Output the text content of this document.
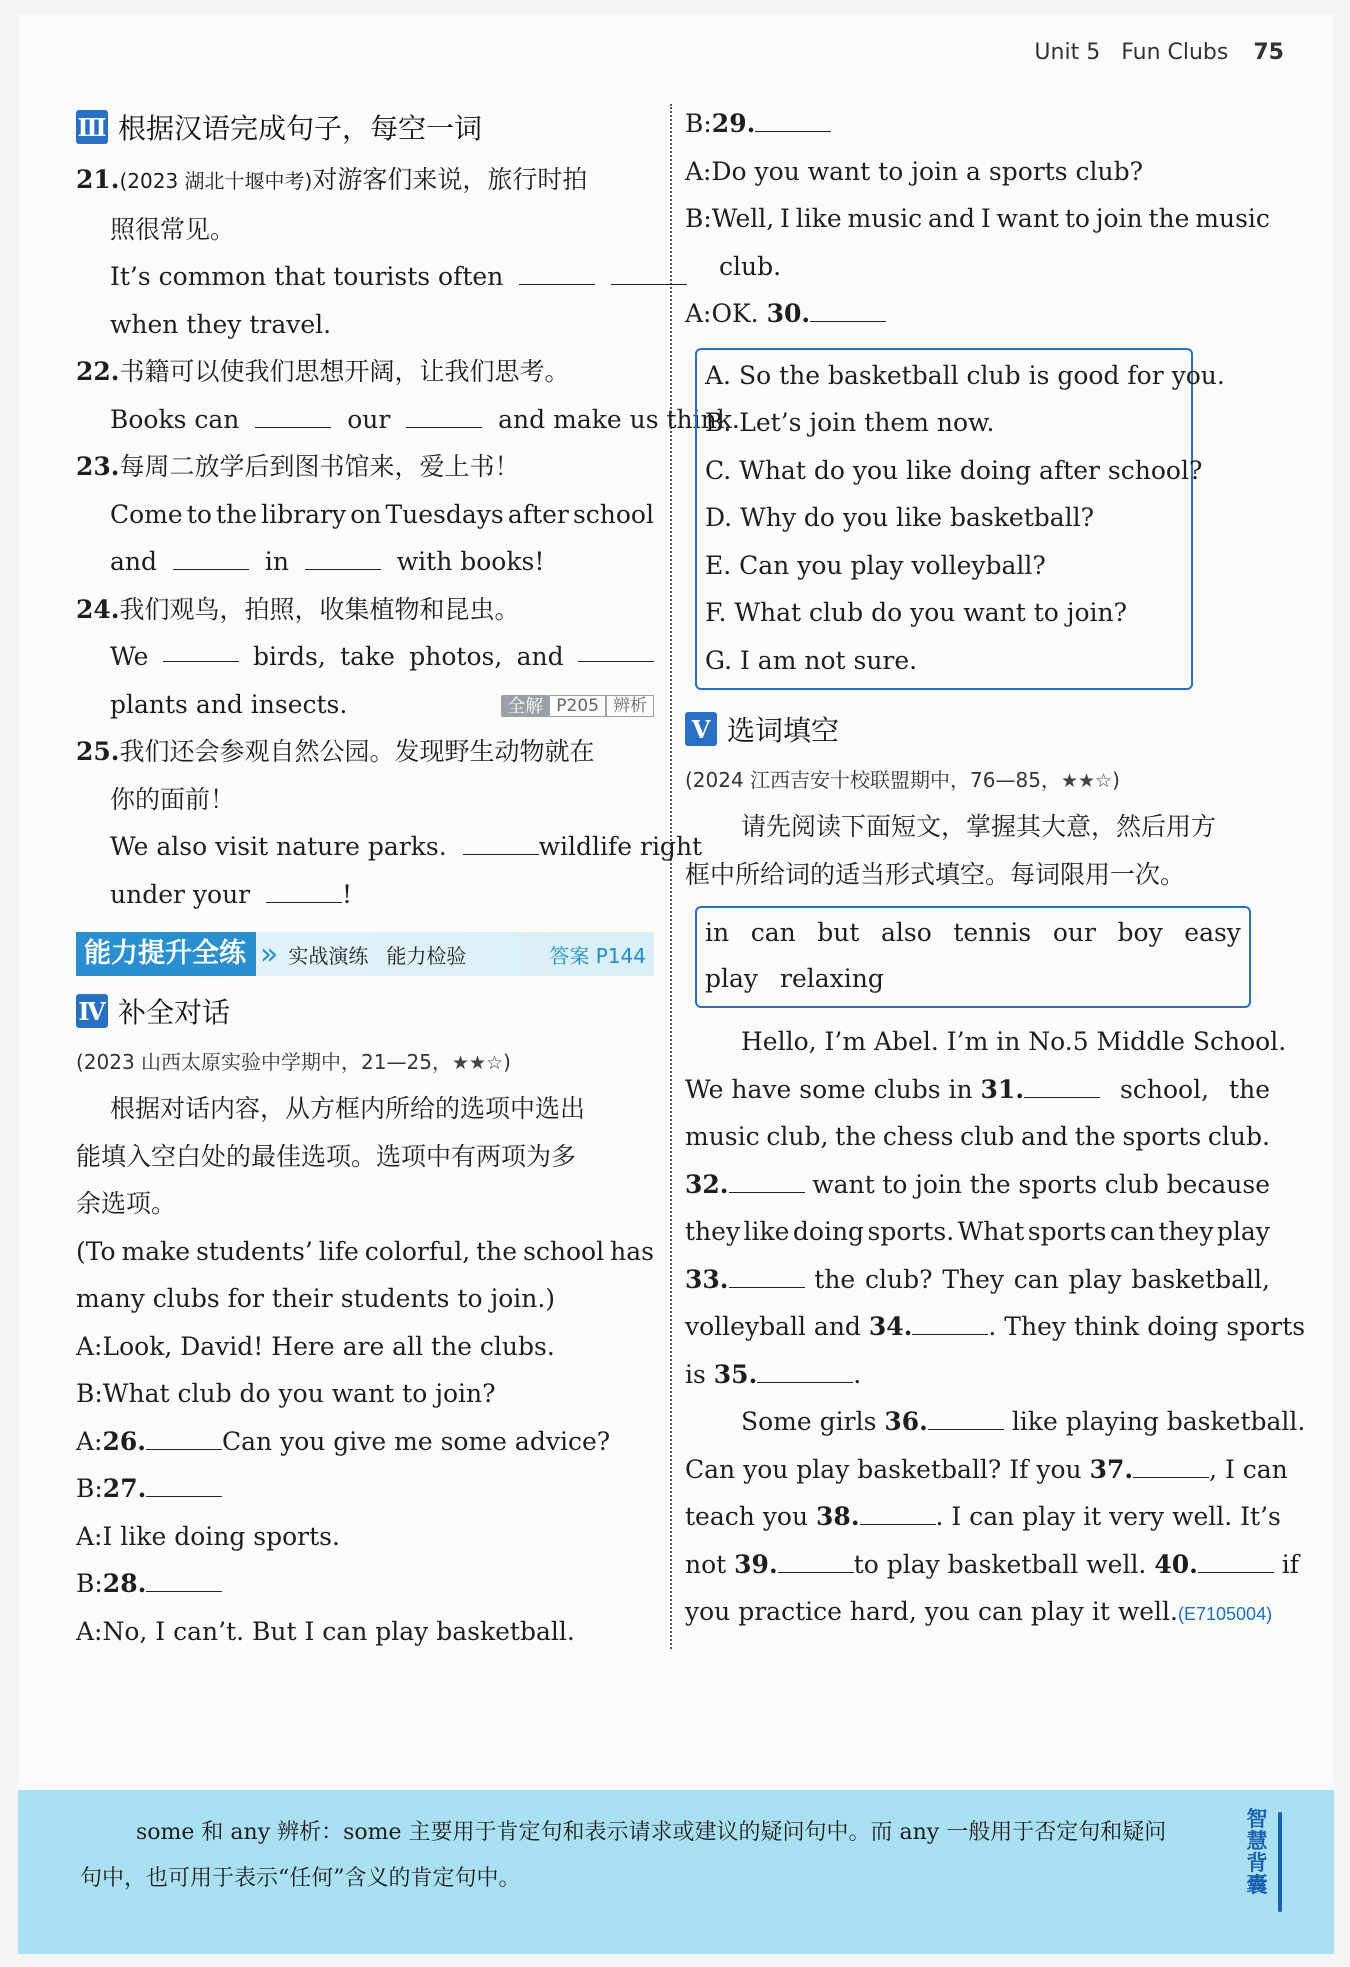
Unit 5 Fun Clubs 75
Ⅲ 根据汉语完成句子，每空一词
21.(2023 湖北十堰中考)对游客们来说，旅行时拍
照很常见。
It’s common that tourists often
when they travel.
22.书籍可以使我们思想开阔，让我们思考。
Books can	our	and make us think.
23.每周二放学后到图书馆来，爱上书！
Come to the library on Tuesdays after school
and	in	with books!
24.我们观鸟，拍照，收集植物和昆虫。
We	birds, take photos, and
plants and insects.	全解 P205 辨析
25.我们还会参观自然公园。发现野生动物就在
你的面前！
We also visit nature parks.	wildlife right
under your	!
能力提升全练 » 实战演练 能力检验	答案 P144
Ⅳ 补全对话
(2023 山西太原实验中学期中，21—25，★★☆)
根据对话内容，从方框内所给的选项中选出
能填入空白处的最佳选项。选项中有两项为多
余选项。
(To make students’ life colorful, the school has
many clubs for their students to join.)
A:Look, David! Here are all the clubs.
B:What club do you want to join?
A:26.	Can you give me some advice?
B:27.
A:I like doing sports.
B:28.
A:No, I can’t. But I can play basketball.
B:29.
A:Do you want to join a sports club?
B: Well, I like music and I want to join the music
club.
A:OK. 30.
A. So the basketball club is good for you.
B. Let’s join them now.
C. What do you like doing after school?
D. Why do you like basketball?
E. Can you play volleyball?
F. What club do you want to join?
G. I am not sure.
Ⅴ 选词填空
(2024 江西吉安十校联盟期中，76—85，★★☆)
请先阅读下面短文，掌握其大意，然后用方
框中所给词的适当形式填空。每词限用一次。
in can but also tennis our boy easy
play relaxing
Hello, I’m Abel. I’m in No.5 Middle School.
We have some clubs in 31.	school, the
music club, the chess club and the sports club.
32.	want to join the sports club because
they like doing sports. What sports can they play
33.	the club? They can play basketball,
volleyball and 34.	. They think doing sports
is 35.	.
Some girls 36.	like playing basketball.
Can you play basketball? If you 37.	, I can
teach you 38.	. I can play it very well. It’s
not 39.	to play basketball well. 40.	if
you practice hard, you can play it well.(E7105004)
some 和 any 辨析：some 主要用于肯定句和表示请求或建议的疑问句中。而 any 一般用于否定句和疑问
句中，也可用于表示“任何”含义的肯定句中。
智慧背囊
